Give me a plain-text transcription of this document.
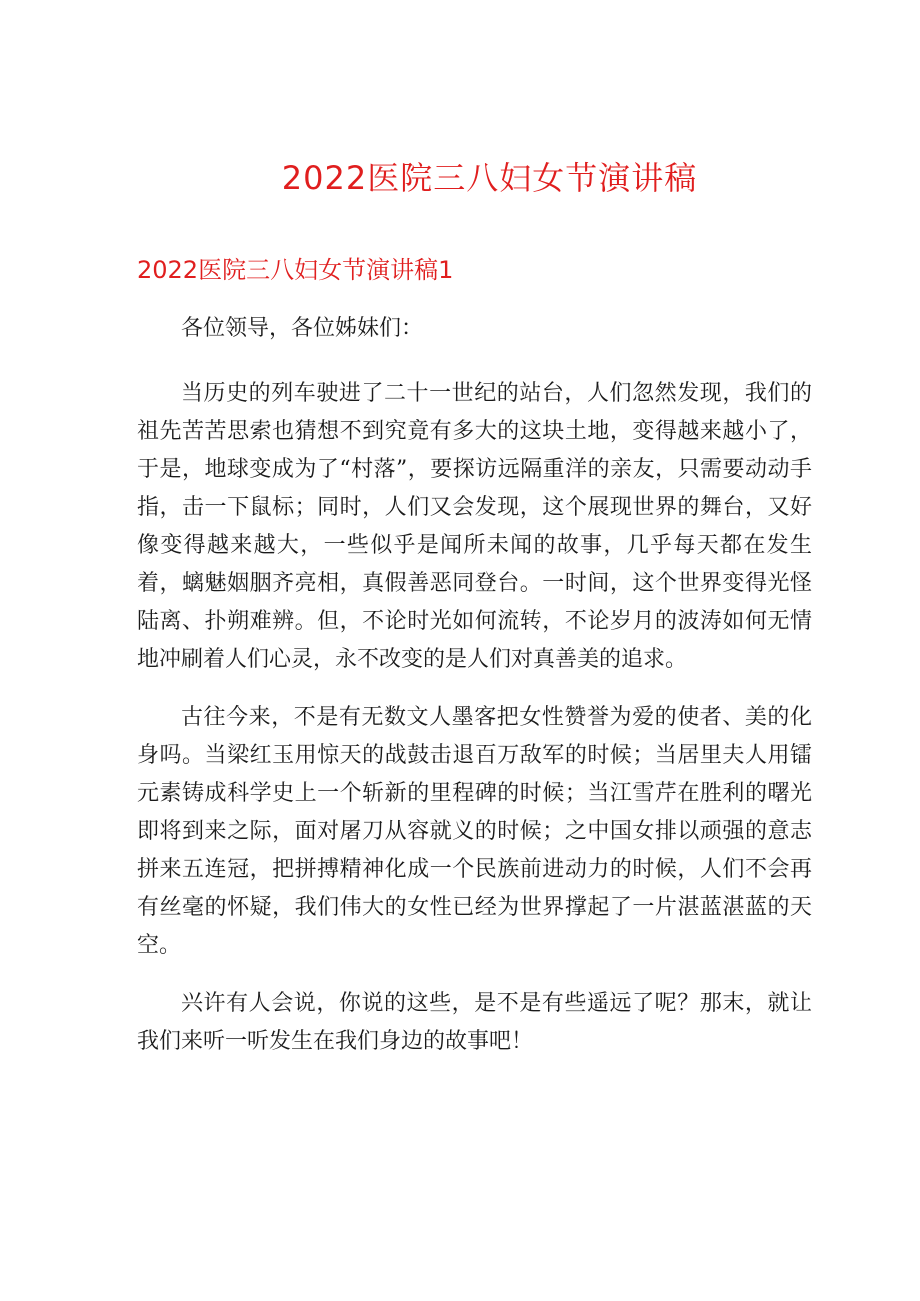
2022医院三八妇女节演讲稿
2022医院三八妇女节演讲稿1

各位领导，各位姊妹们：

当历史的列车驶进了二十一世纪的站台，人们忽然发现，我们的祖先苦苦思索也猜想不到究竟有多大的这块土地，变得越来越小了，于是，地球变成为了“村落”，要探访远隔重洋的亲友，只需要动动手指，击一下鼠标；同时，人们又会发现，这个展现世界的舞台，又好像变得越来越大，一些似乎是闻所未闻的故事，几乎每天都在发生着，螭魅姻胭齐亮相，真假善恶同登台。一时间，这个世界变得光怪陆离、扑朔难辨。但，不论时光如何流转，不论岁月的波涛如何无情地冲刷着人们心灵，永不改变的是人们对真善美的追求。

古往今来，不是有无数文人墨客把女性赞誉为爱的使者、美的化身吗。当梁红玉用惊天的战鼓击退百万敌军的时候；当居里夫人用镭元素铸成科学史上一个斩新的里程碑的时候；当江雪芹在胜利的曙光即将到来之际，面对屠刀从容就义的时候；之中国女排以顽强的意志拼来五连冠，把拼搏精神化成一个民族前进动力的时候，人们不会再有丝毫的怀疑，我们伟大的女性已经为世界撑起了一片湛蓝湛蓝的天空。

兴许有人会说，你说的这些，是不是有些遥远了呢？那末，就让我们来听一听发生在我们身边的故事吧！
